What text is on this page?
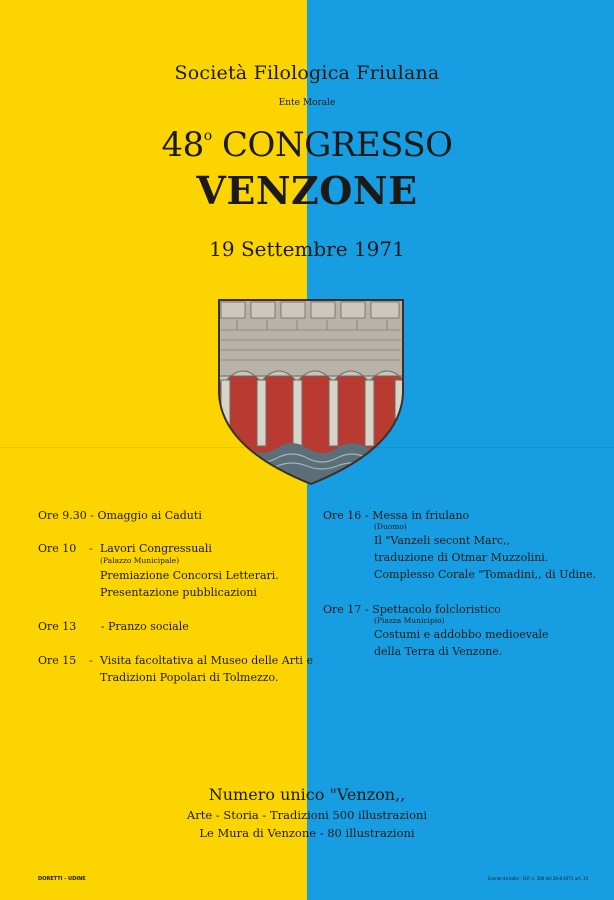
Società Filologica Friulana
Ente Morale
48$^o$ CONGRESSO
VENZONE
19 Settembre 1971
Ore 9.30 - Omaggio ai Caduti
Ore 10 - Lavori Congressuali
(Palazzo Municipale)
Premiazione Concorsi Letterari.
Presentazione pubblicazioni
Ore 13 - Pranzo sociale
Ore 15 - Visita facoltativa al Museo delle Arti e
Tradizioni Popolari di Tolmezzo.
Ore 16 - Messa in friulano
(Duomo)
Il "Vanzeli secont Marc,,
traduzione di Otmar Muzzolini.
Complesso Corale "Tomadini,, di Udine.
Ore 17 - Spettacolo folcloristico
(Piazza Municipio)
Costumi e addobbo medioevale
della Terra di Venzone.
Numero unico "Venzon,,
Arte - Storia - Tradizioni 500 illustrazioni
Le Mura di Venzone - 80 illustrazioni
DORETTI - UDINE	Esente da bollo - D.P. n. 300 del 26-8-1971 art. 15
